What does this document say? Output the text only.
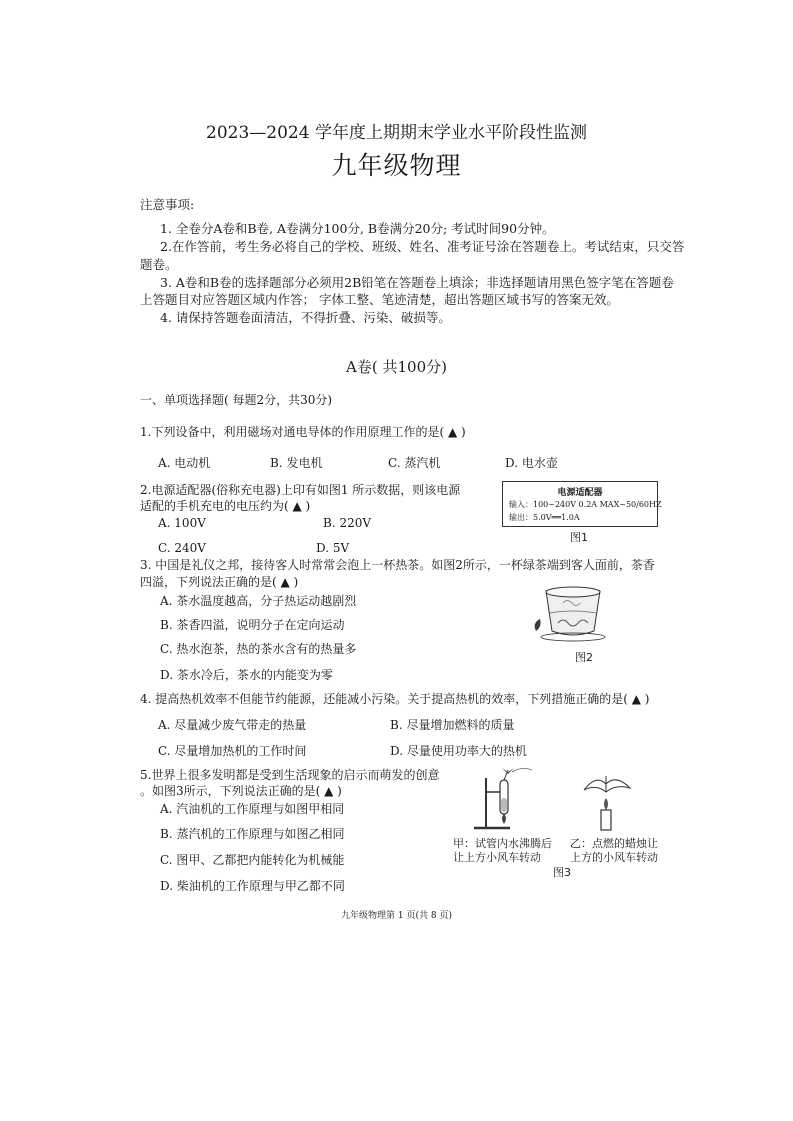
2023—2024 学年度上期期末学业水平阶段性监测
九年级物理
注意事项:
1. 全卷分A卷和B卷, A卷满分100分, B卷满分20分; 考试时间90分钟。
2.在作答前，考生务必将自己的学校、班级、姓名、准考证号涂在答题卷上。考试结束，只交答
题卷。
3. A卷和B卷的选择题部分必须用2B铅笔在答题卷上填涂；非选择题请用黑色签字笔在答题卷
上答题目对应答题区域内作答； 字体工整、笔迹清楚，超出答题区域书写的答案无效。
4. 请保持答题卷面清洁，不得折叠、污染、破损等。
A卷( 共100分)
一、单项选择题( 每题2分，共30分)
1.下列设备中，利用磁场对通电导体的作用原理工作的是( ▲ )
A. 电动机	B. 发电机	C. 蒸汽机	D. 电水壶
2.电源适配器(俗称充电器)上印有如图1 所示数据，则该电源
适配的手机充电的电压约为( ▲ )
A. 100V	B. 220V
C. 240V	D. 5V
电源适配器
输入：100~240V 0.2A MAX~50/60HZ
输出：5.0V══1.0A
图1
3. 中国是礼仪之邦，接待客人时常常会泡上一杯热茶。如图2所示，一杯绿茶端到客人面前，茶香
四溢，下列说法正确的是( ▲ )
A. 茶水温度越高，分子热运动越剧烈
B. 茶香四溢，说明分子在定向运动
C. 热水泡茶，热的茶水含有的热量多
D. 茶水冷后，茶水的内能变为零
图2
4. 提高热机效率不但能节约能源，还能减小污染。关于提高热机的效率，下列措施正确的是( ▲ )
A. 尽量减少废气带走的热量	B. 尽量增加燃料的质量
C. 尽量增加热机的工作时间	D. 尽量使用功率大的热机
5.世界上很多发明都是受到生活现象的启示而萌发的创意
。如图3所示，下列说法正确的是( ▲ )
A. 汽油机的工作原理与如图甲相同
B. 蒸汽机的工作原理与如图乙相同
C. 图甲、乙都把内能转化为机械能
D. 柴油机的工作原理与甲乙都不同
甲：试管内水沸腾后
让上方小风车转动
乙：点燃的蜡烛让
上方的小风车转动
图3
九年级物理第 1 页(共 8 页)
